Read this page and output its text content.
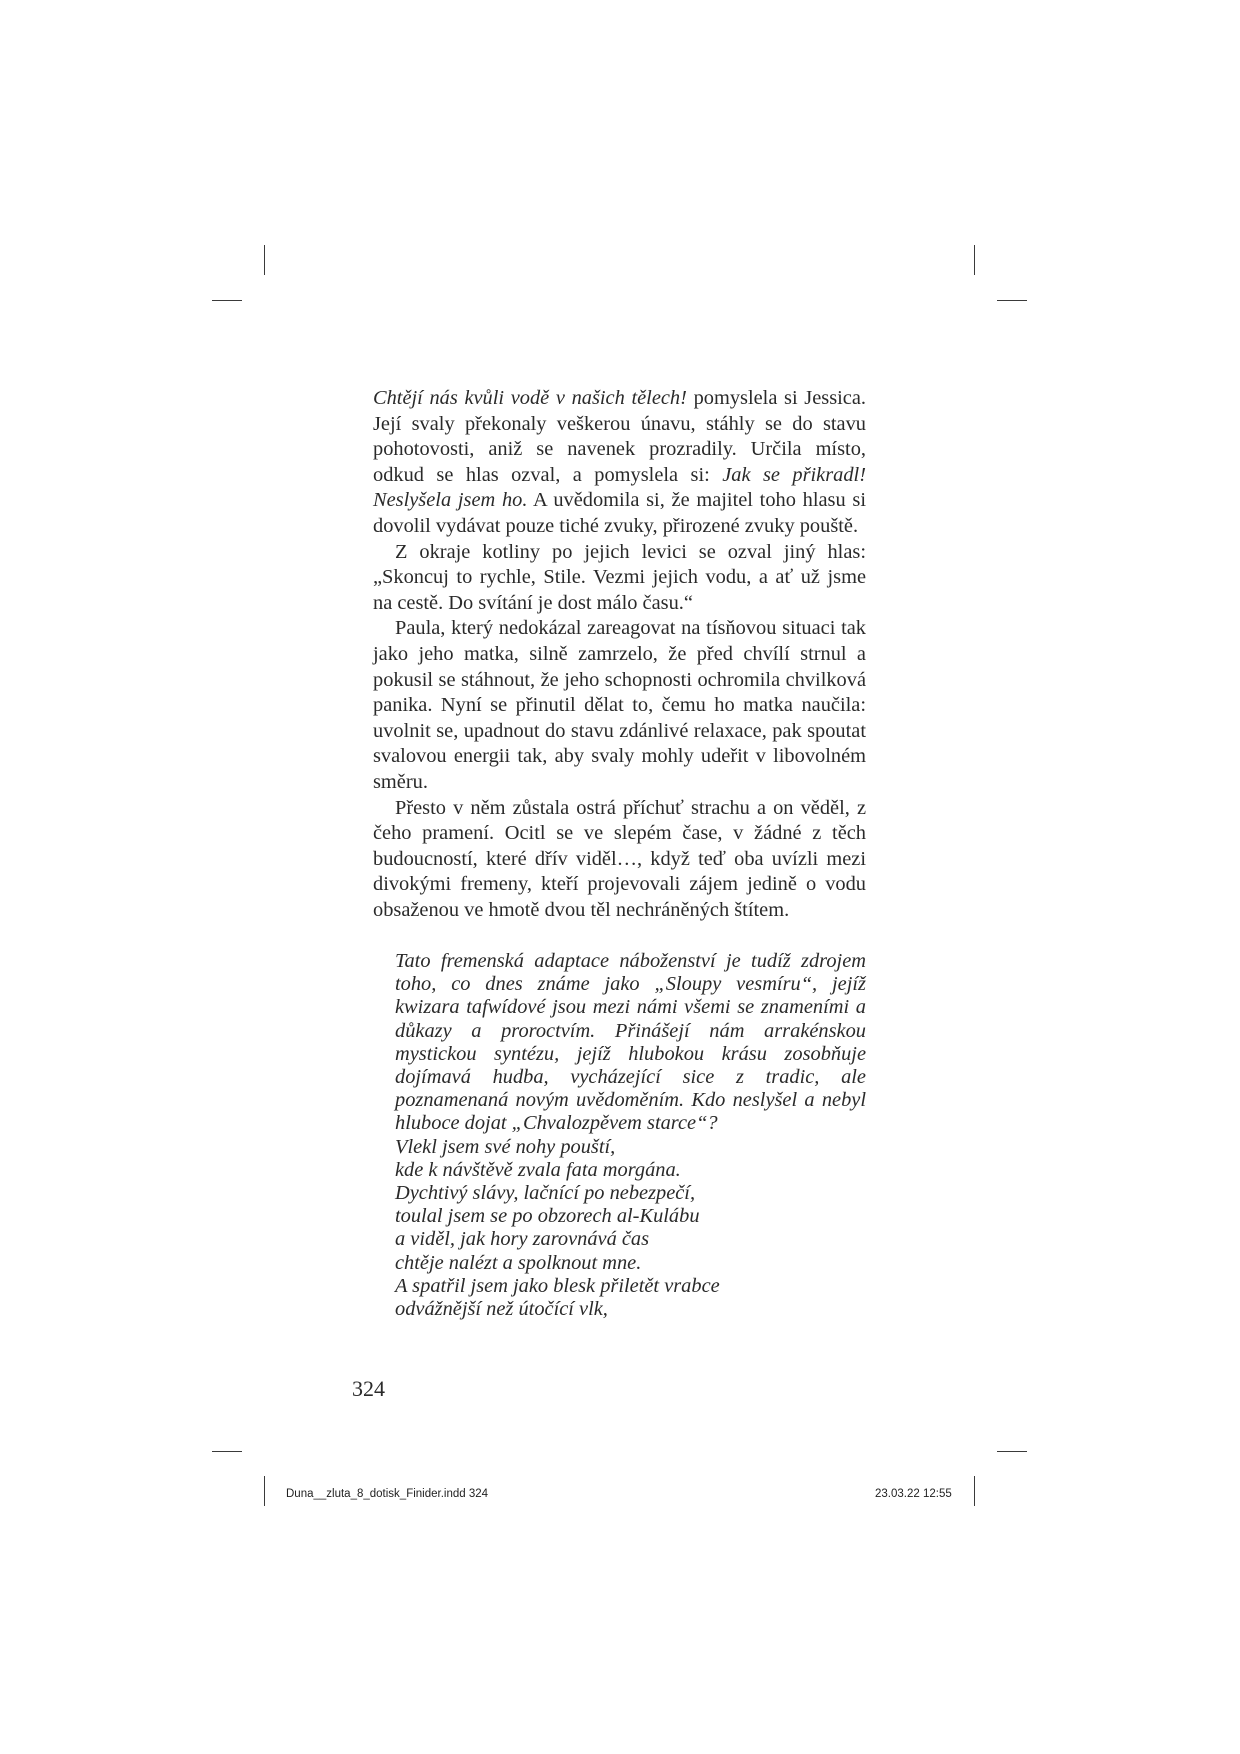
Chtějí nás kvůli vodě v našich tělech! pomyslela si Jessica. Její svaly překonaly veškerou únavu, stáhly se do stavu pohotovosti, aniž se navenek prozradily. Určila místo, odkud se hlas ozval, a pomyslela si: Jak se přikradl! Neslyšela jsem ho. A uvědomila si, že majitel toho hlasu si dovolil vydávat pouze tiché zvuky, přirozené zvuky pouště.

Z okraje kotliny po jejich levici se ozval jiný hlas: „Skoncuj to rychle, Stile. Vezmi jejich vodu, a ať už jsme na cestě. Do svítání je dost málo času.“

Paula, který nedokázal zareagovat na tísňovou situaci tak jako jeho matka, silně zamrzelo, že před chvílí strnul a pokusil se stáhnout, že jeho schopnosti ochromila chvilková panika. Nyní se přinutil dělat to, čemu ho matka naučila: uvolnit se, upadnout do stavu zdánlivé relaxace, pak spoutat svalovou energii tak, aby svaly mohly udeřit v libovolném směru.

Přesto v něm zůstala ostrá příchuť strachu a on věděl, z čeho pramení. Ocitl se ve slepém čase, v žádné z těch budoucností, které dřív viděl…, když teď oba uvízli mezi divokými fremeny, kteří projevovali zájem jedině o vodu obsaženou ve hmotě dvou těl nechráněných štítem.

Tato fremenská adaptace náboženství je tudíž zdrojem toho, co dnes známe jako „Sloupy vesmíru“, jejíž kwizara tafwídové jsou mezi námi všemi se znameními a důkazy a proroctvím. Přinášejí nám arrakénskou mystickou syntézu, jejíž hlubokou krásu zosobňuje dojímavá hudba, vycházející sice z tradic, ale poznamenaná novým uvědoměním. Kdo neslyšel a nebyl hluboce dojat „Chvalozpěvem starce“?

Vlekl jsem své nohy pouští,
kde k návštěvě zvala fata morgána.
Dychtivý slávy, lačnící po nebezpečí,
toulal jsem se po obzorech al-Kulábu
a viděl, jak hory zarovnává čas
chtěje nalézt a spolknout mne.
A spatřil jsem jako blesk přiletět vrabce
odvážnější než útočící vlk,
324
Duna__zluta_8_dotisk_Finider.indd 324	23.03.22 12:55
